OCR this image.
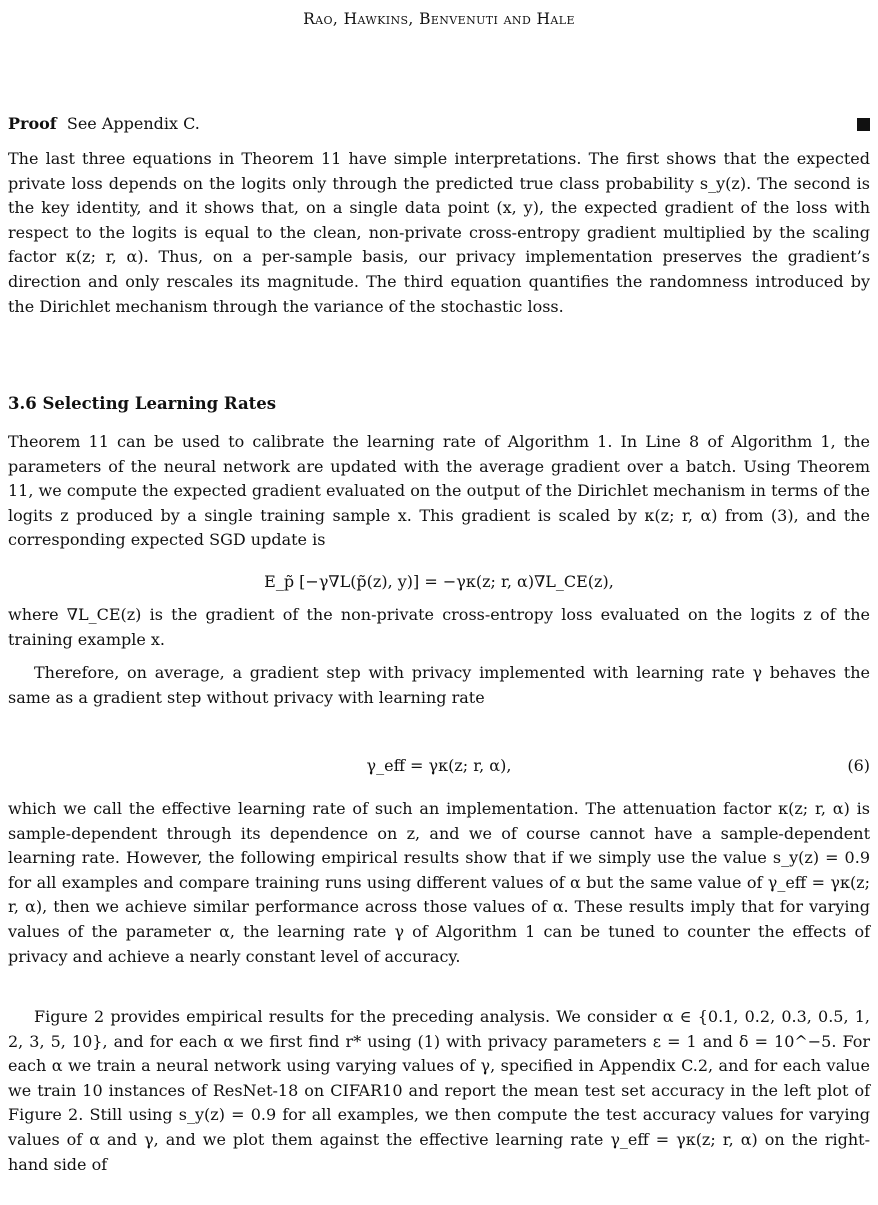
Rao, Hawkins, Benvenuti and Hale
Proof See Appendix C.

The last three equations in Theorem 11 have simple interpretations. The first shows that the expected private loss depends on the logits only through the predicted true class probability s_y(z). The second is the key identity, and it shows that, on a single data point (x, y), the expected gradient of the loss with respect to the logits is equal to the clean, non-private cross-entropy gradient multiplied by the scaling factor κ(z; r, α). Thus, on a per-sample basis, our privacy implementation preserves the gradient’s direction and only rescales its magnitude. The third equation quantifies the randomness introduced by the Dirichlet mechanism through the variance of the stochastic loss.

3.6 Selecting Learning Rates

Theorem 11 can be used to calibrate the learning rate of Algorithm 1. In Line 8 of Algorithm 1, the parameters of the neural network are updated with the average gradient over a batch. Using Theorem 11, we compute the expected gradient evaluated on the output of the Dirichlet mechanism in terms of the logits z produced by a single training sample x. This gradient is scaled by κ(z; r, α) from (3), and the corresponding expected SGD update is

E_p̃ [−γ∇L(p̃(z), y)] = −γκ(z; r, α)∇L_CE(z),

where ∇L_CE(z) is the gradient of the non-private cross-entropy loss evaluated on the logits z of the training example x.

Therefore, on average, a gradient step with privacy implemented with learning rate γ behaves the same as a gradient step without privacy with learning rate

γ_eff = γκ(z; r, α),	(6)

which we call the effective learning rate of such an implementation. The attenuation factor κ(z; r, α) is sample-dependent through its dependence on z, and we of course cannot have a sample-dependent learning rate. However, the following empirical results show that if we simply use the value s_y(z) = 0.9 for all examples and compare training runs using different values of α but the same value of γ_eff = γκ(z; r, α), then we achieve similar performance across those values of α. These results imply that for varying values of the parameter α, the learning rate γ of Algorithm 1 can be tuned to counter the effects of privacy and achieve a nearly constant level of accuracy.

Figure 2 provides empirical results for the preceding analysis. We consider α ∈ {0.1, 0.2, 0.3, 0.5, 1, 2, 3, 5, 10}, and for each α we first find r* using (1) with privacy parameters ε = 1 and δ = 10^−5. For each α we train a neural network using varying values of γ, specified in Appendix C.2, and for each value we train 10 instances of ResNet-18 on CIFAR10 and report the mean test set accuracy in the left plot of Figure 2. Still using s_y(z) = 0.9 for all examples, we then compute the test accuracy values for varying values of α and γ, and we plot them against the effective learning rate γ_eff = γκ(z; r, α) on the right-hand side of
